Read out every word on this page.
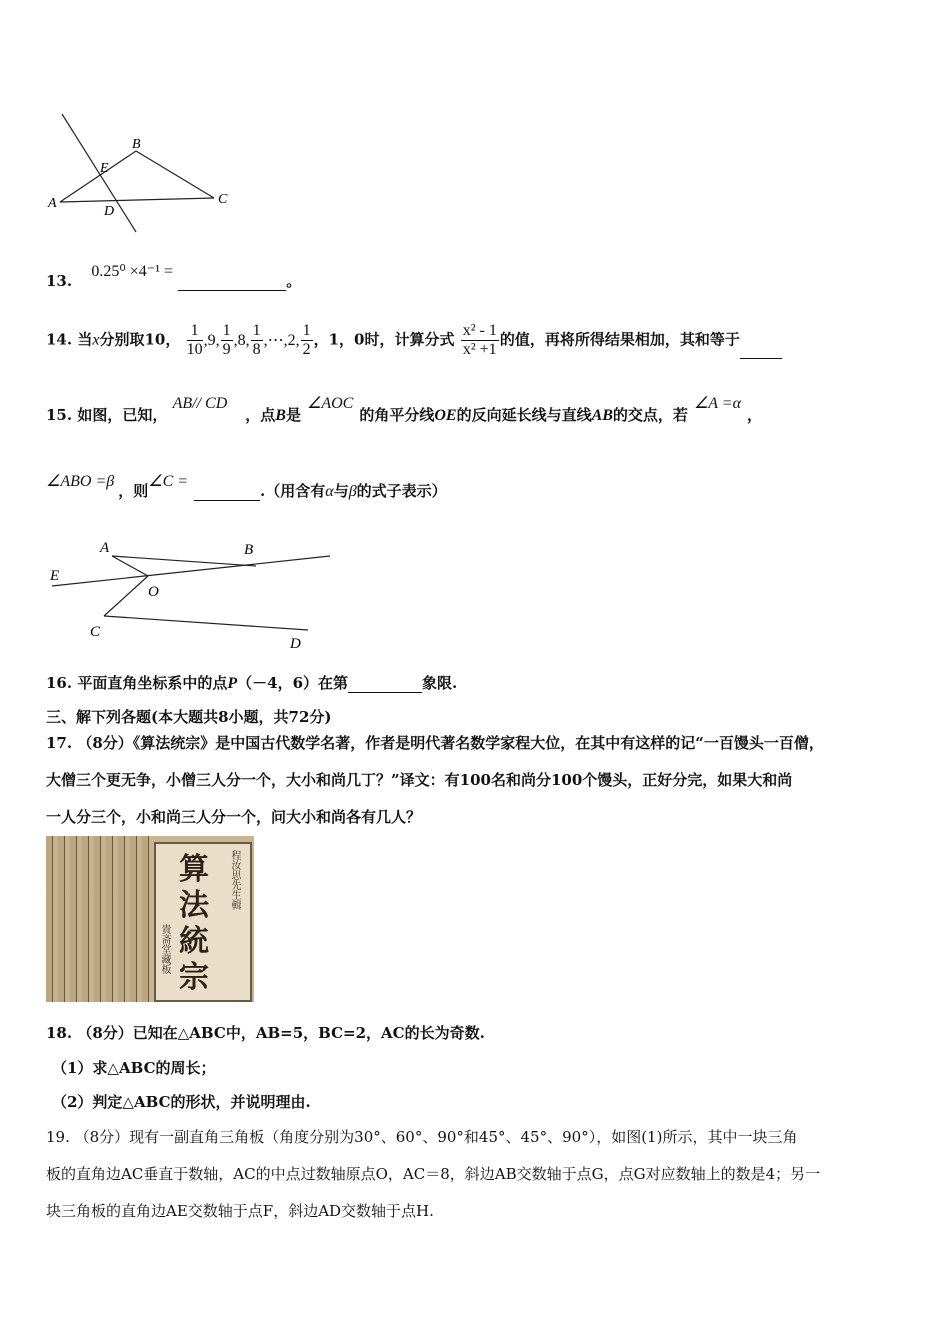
A
B
C
D
E
13. 0.25⁰ ×4⁻¹ = 。
14. 当x分别取10， $\frac{1}{10} ,9$, $\frac{1}{9} ,8$, $\frac{1}{8}$ ,⋯,2, $\frac{1}{2}$ ，1，0时，计算分式 $\frac{\text{x² - 1}}{\text{x² +1}}$ 的值，再将所得结果相加，其和等于
15. 如图，已知， AB// CD，点B是∠AOC的角平分线OE的反向延长线与直线AB的交点，若∠A =α，
∠ABO =β，则∠C =.（用含有α与β的式子表示）
A	B
E
O
C
D
16. 平面直角坐标系中的点P（－4，6）在第	象限.
三、解下列各题(本大题共8小题，共72分)
17. （8分）《算法统宗》是中国古代数学名著，作者是明代著名数学家程大位，在其中有这样的记“一百馒头一百僧，
大僧三个更无争，小僧三人分一个，大小和尚几丁？”译文：有100名和尚分100个馒头，正好分完，如果大和尚
一人分三个，小和尚三人分一个，问大小和尚各有几人？
算
法
統
宗
程汝思先生輯
貴斋堂藏板
18. （8分）已知在△ABC中，AB=5，BC=2，AC的长为奇数.
（1）求△ABC的周长；
（2）判定△ABC的形状，并说明理由.
19. （8分）现有一副直角三角板（角度分别为30°、60°、90°和45°、45°、90°），如图(1)所示，其中一块三角
板的直角边AC垂直于数轴，AC的中点过数轴原点O，AC＝8，斜边AB交数轴于点G，点G对应数轴上的数是4；另一
块三角板的直角边AE交数轴于点F，斜边AD交数轴于点H.
